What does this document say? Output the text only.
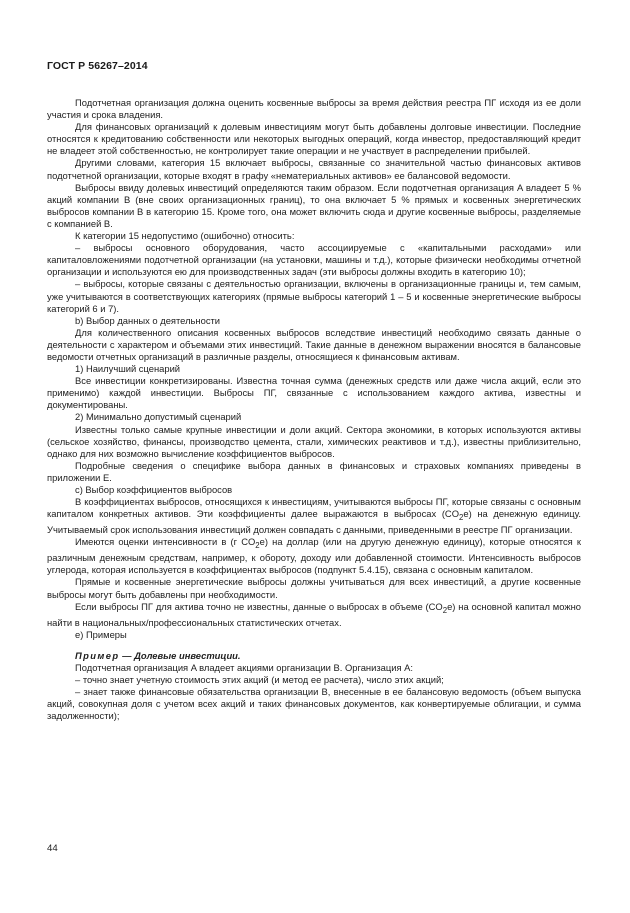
ГОСТ Р 56267–2014

Подотчетная организация должна оценить косвенные выбросы за время действия реестра ПГ исходя из ее доли участия и срока владения.

Для финансовых организаций к долевым инвестициям могут быть добавлены долговые инвестиции. Последние относятся к кредитованию собственности или некоторых выгодных операций, когда инвестор, предоставляющий кредит не владеет этой собственностью, не контролирует такие операции и не участвует в распределении прибылей.

Другими словами, категория 15 включает выбросы, связанные со значительной частью финансовых активов подотчетной организации, которые входят в графу «нематериальных активов» ее балансовой ведомости.

Выбросы ввиду долевых инвестиций определяются таким образом. Если подотчетная организация A владеет 5 % акций компании B (вне своих организационных границ), то она включает 5 % прямых и косвенных энергетических выбросов компании B в категорию 15. Кроме того, она может включить сюда и другие косвенные выбросы, разделяемые с компанией B.

К категории 15 недопустимо (ошибочно) относить:

– выбросы основного оборудования, часто ассоциируемые с «капитальными расходами» или капиталовложениями подотчетной организации (на установки, машины и т.д.), которые физически необходимы отчетной организации и используются ею для производственных задач (эти выбросы должны входить в категорию 10);

– выбросы, которые связаны с деятельностью организации, включены в организационные границы и, тем самым, уже учитываются в соответствующих категориях (прямые выбросы категорий 1 – 5 и косвенные энергетические выбросы категорий 6 и 7).

b) Выбор данных о деятельности

Для количественного описания косвенных выбросов вследствие инвестиций необходимо связать данные о деятельности с характером и объемами этих инвестиций. Такие данные в денежном выражении вносятся в балансовые ведомости отчетных организаций в различные разделы, относящиеся к финансовым активам.

1) Наилучший сценарий

Все инвестиции конкретизированы. Известна точная сумма (денежных средств или даже числа акций, если это применимо) каждой инвестиции. Выбросы ПГ, связанные с использованием каждого актива, известны и документированы.

2) Минимально допустимый сценарий

Известны только самые крупные инвестиции и доли акций. Сектора экономики, в которых используются активы (сельское хозяйство, финансы, производство цемента, стали, химических реактивов и т.д.), известны приблизительно, однако для них возможно вычисление коэффициентов выбросов.

Подробные сведения о специфике выбора данных в финансовых и страховых компаниях приведены в приложении E.

c) Выбор коэффициентов выбросов

В коэффициентах выбросов, относящихся к инвестициям, учитываются выбросы ПГ, которые связаны с основным капиталом конкретных активов. Эти коэффициенты далее выражаются в выбросах $(CO_2e)$ на денежную единицу. Учитываемый срок использования инвестиций должен совпадать с данными, приведенными в реестре ПГ организации.

Имеются оценки интенсивности в (г $CO_2e$) на доллар (или на другую денежную единицу), которые относятся к различным денежным средствам, например, к обороту, доходу или добавленной стоимости. Интенсивность выбросов углерода, которая используется в коэффициентах выбросов (подпункт 5.4.15), связана с основным капиталом.

Прямые и косвенные энергетические выбросы должны учитываться для всех инвестиций, а другие косвенные выбросы могут быть добавлены при необходимости.

Если выбросы ПГ для актива точно не известны, данные о выбросах в объеме $(CO_2e)$ на основной капитал можно найти в национальных/профессиональных статистических отчетах.

e) Примеры

Пример — Долевые инвестиции.

Подотчетная организация A владеет акциями организации B. Организация A:

– точно знает учетную стоимость этих акций (и метод ее расчета), число этих акций;

– знает также финансовые обязательства организации B, внесенные в ее балансовую ведомость (объем выпуска акций, совокупная доля с учетом всех акций и таких финансовых документов, как конвертируемые облигации, и сумма задолженности);

44
